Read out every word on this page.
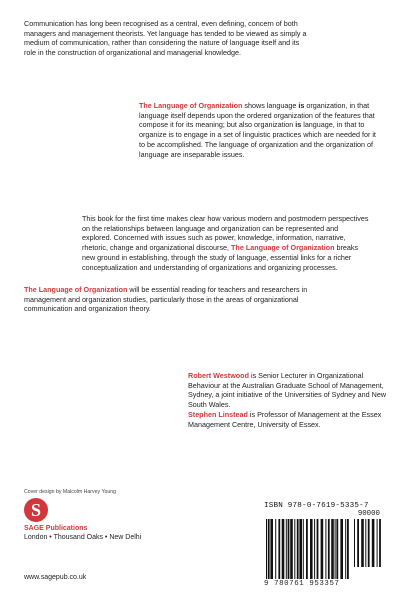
Communication has long been recognised as a central, even defining, concern of both managers and management theorists. Yet language has tended to be viewed as simply a medium of communication, rather than considering the nature of language itself and its role in the construction of organizational and managerial knowledge.

The Language of Organization shows language is organization, in that language itself depends upon the ordered organization of the features that compose it for its meaning; but also organization is language, in that to organize is to engage in a set of linguistic practices which are needed for it to be accomplished. The language of organization and the organization of language are inseparable issues.

This book for the first time makes clear how various modern and postmodern perspectives on the relationships between language and organization can be represented and explored. Concerned with issues such as power, knowledge, information, narrative, rhetoric, change and organizational discourse, The Language of Organization breaks new ground in establishing, through the study of language, essential links for a richer conceptualization and understanding of organizations and organizing processes.

The Language of Organization will be essential reading for teachers and researchers in management and organization studies, particularly those in the areas of organizational communication and organization theory.

Robert Westwood is Senior Lecturer in Organizational Behaviour at the Australian Graduate School of Management, Sydney, a joint initiative of the Universities of Sydney and New South Wales.
Stephen Linstead is Professor of Management at the Essex Management Centre, University of Essex.

Cover design by Malcolm Harvey Young
S
SAGE Publications
London • Thousand Oaks • New Delhi
www.sagepub.co.uk
ISBN 978-0-7619-5335-7
90000
9 780761 953357
